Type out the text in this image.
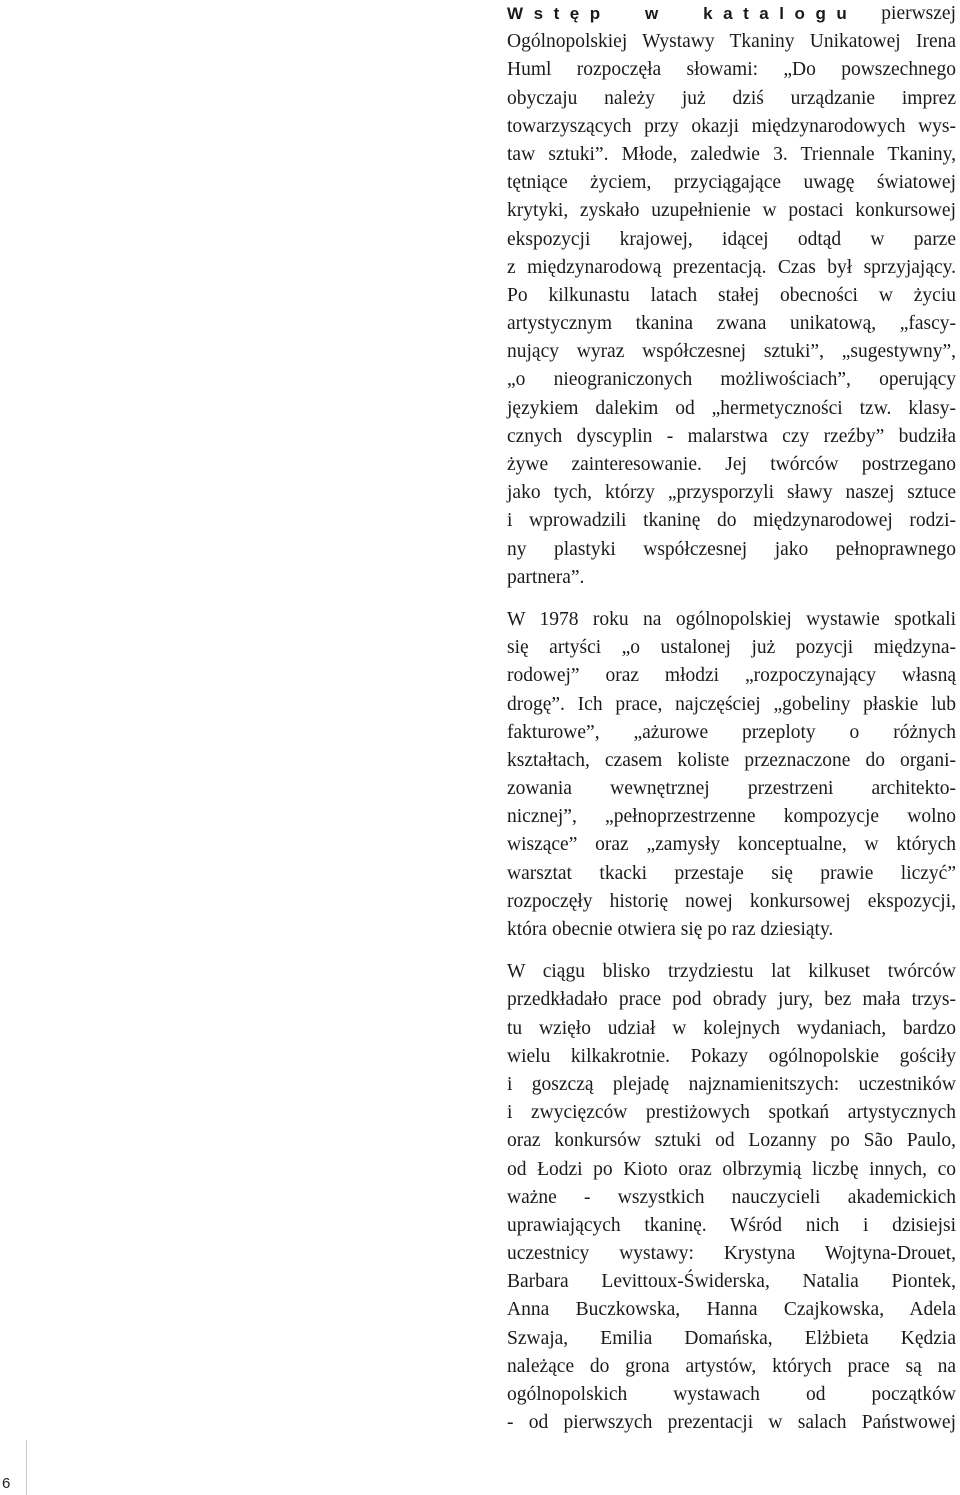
6
Wstęp w katalogu pierwszej
Ogólnopolskiej Wystawy Tkaniny Unikatowej Irena
Huml rozpoczęła słowami: „Do powszechnego
obyczaju należy już dziś urządzanie imprez
towarzyszących przy okazji międzynarodowych wys-
taw sztuki”. Młode, zaledwie 3. Triennale Tkaniny,
tętniące życiem, przyciągające uwagę światowej
krytyki, zyskało uzupełnienie w postaci konkursowej
ekspozycji krajowej, idącej odtąd w parze
z międzynarodową prezentacją. Czas był sprzyjający.
Po kilkunastu latach stałej obecności w życiu
artystycznym tkanina zwana unikatową, „fascy-
nujący wyraz współczesnej sztuki”, „sugestywny”,
„o nieograniczonych możliwościach”, operujący
językiem dalekim od „hermetyczności tzw. klasy-
cznych dyscyplin - malarstwa czy rzeźby” budziła
żywe zainteresowanie. Jej twórców postrzegano
jako tych, którzy „przysporzyli sławy naszej sztuce
i wprowadzili tkaninę do międzynarodowej rodzi-
ny plastyki współczesnej jako pełnoprawnego
partnera”.
W 1978 roku na ogólnopolskiej wystawie spotkali
się artyści „o ustalonej już pozycji międzyna-
rodowej” oraz młodzi „rozpoczynający własną
drogę”. Ich prace, najczęściej „gobeliny płaskie lub
fakturowe”, „ażurowe przeploty o różnych
kształtach, czasem koliste przeznaczone do organi-
zowania wewnętrznej przestrzeni architekto-
nicznej”, „pełnoprzestrzenne kompozycje wolno
wiszące” oraz „zamysły konceptualne, w których
warsztat tkacki przestaje się prawie liczyć”
rozpoczęły historię nowej konkursowej ekspozycji,
która obecnie otwiera się po raz dziesiąty.
W ciągu blisko trzydziestu lat kilkuset twórców
przedkładało prace pod obrady jury, bez mała trzys-
tu wzięło udział w kolejnych wydaniach, bardzo
wielu kilkakrotnie. Pokazy ogólnopolskie gościły
i goszczą plejadę najznamienitszych: uczestników
i zwycięzców prestiżowych spotkań artystycznych
oraz konkursów sztuki od Lozanny po São Paulo,
od Łodzi po Kioto oraz olbrzymią liczbę innych, co
ważne - wszystkich nauczycieli akademickich
uprawiających tkaninę. Wśród nich i dzisiejsi
uczestnicy wystawy: Krystyna Wojtyna-Drouet,
Barbara Levittoux-Świderska, Natalia Piontek,
Anna Buczkowska, Hanna Czajkowska, Adela
Szwaja, Emilia Domańska, Elżbieta Kędzia
należące do grona artystów, których prace są na
ogólnopolskich wystawach od początków
- od pierwszych prezentacji w salach Państwowej
